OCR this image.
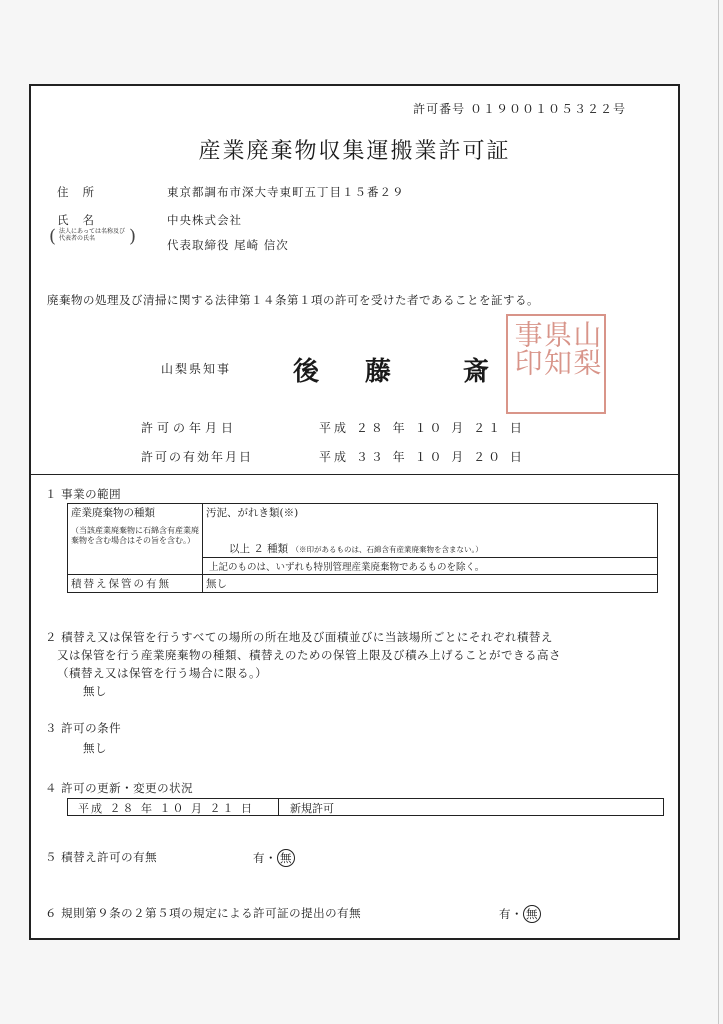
許可番号 ０１９００１０５３２２号
産業廃棄物収集運搬業許可証
住所	東京都調布市深大寺東町五丁目１５番２９
氏名	中央株式会社
( 法人にあっては名称及び代表者の氏名	)	代表取締役 尾崎 信次
廃棄物の処理及び清掃に関する法律第１４条第１項の許可を受けた者であることを証する。
山梨県知事 後 藤	斎	山梨
県知
事印
許可の年月日	平成 ２８ 年 １０ 月 ２１ 日
許可の有効年月日	平成 ３３ 年 １０ 月 ２０ 日
１ 事業の範囲
産業廃棄物の種類
（当該産業廃棄物に石綿含有産業廃棄物を含む場合はその旨を含む。）	汚泥、がれき類(※)

	以上 ２ 種類 （※印があるものは、石綿含有産業廃棄物を含まない。）
	上記のものは、いずれも特別管理産業廃棄物であるものを除く。
積替え保管の有無	無し
２ 積替え又は保管を行うすべての場所の所在地及び面積並びに当該場所ごとにそれぞれ積替え
又は保管を行う産業廃棄物の種類、積替えのための保管上限及び積み上げることができる高さ
（積替え又は保管を行う場合に限る。）
無し
３ 許可の条件
無し
４ 許可の更新・変更の状況
平成 ２８ 年 １０ 月 ２１ 日	新規許可
５ 積替え許可の有無	有・ 無
６ 規則第９条の２第５項の規定による許可証の提出の有無	有・ 無
